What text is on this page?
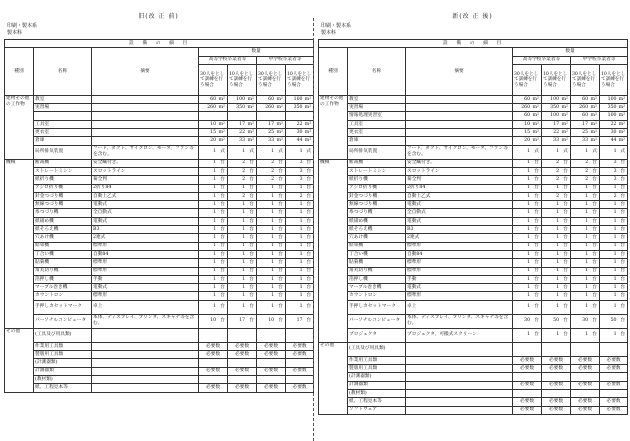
旧(改 正 前)
印刷・製本系
製本科
設　備　の　細　目						
種別	名称	摘要	数量			
			高等学校卒業者等		中学校卒業者等	
			30人をとして訓練を行う場合	10人をとして訓練を行う場合	30人をとして訓練を行う場合	10人をとして訓練を行う場合
建物その他の工作物	教室		60 m²	100 m²	60 m²	100 m²
	実習場		260 m²	350 m²	260 m²	350 m²

	工具室		10 m²	17 m²	17 m²	22 m²
	更衣室		15 m²	22 m²	25 m²	30 m²
	倉庫		20 m²	33 m²	33 m²	44 m²
	局所排気装置	フード、ダクト、サイクロン、モータ、ファン等を含む。	1 式	1 式	1 式	1 式
機械	断裁機	安全繊付き。	1 台	2 台	2 台	3 台
	ストレートミシン	スロットライン	1 台	2 台	2 台	3 台
	紙折り機	菊全判	1 台	2 台	2 台	3 台
	アジロ折り機	2折り84	1 台	1 台	1 台	1 台
	針金つづり機	自動上乙式	1 台	2 台	1 台	2 台
	無線つづり機	電動式	1 台	1 台	1 台	1 台
	糸つづり機	全自動式	1 台	1 台	1 台	1 台
	紙硝め機	電動式	1 台	1 台	1 台	1 台
	紙そろえ機	B3	1 台	1 台	1 台	1 台
	穴あけ機	2連式	1 台	1 台	1 台	1 台
	結束機	標準形	1 台	1 台	1 台	1 台
	丁合い機	自動84	1 台	1 台	1 台	1 台
	貼菊機	標準形	1 台	1 台	1 台	1 台
	角丸切り機	標準形	1 台	1 台	1 台	1 台
	箔押し機	手動	1 台	1 台	1 台	1 台
	マーブル巻き機	電動式	1 台	1 台	1 台	1 台
	カウントロン	標準形	1 台	1 台	1 台	1 台
	手押しカセットマーク	卓上	1 台	1 台	1 台	1 台
	パーソナルコンピュータ	本体、ディスプレイ、プリンタ、スキャナ等を含む。	10 台	17 台	10 台	17 台
その他	(工具及び用具類)					
	作業用工具類		必要数	必要数	必要数	必要数
	製版用工具類		必要数	必要数	必要数	必要数
	(計測器類)					
	計測器類		必要数	必要数	必要数	必要数
	(教材類)					
	紙、工程見本等		必要数	必要数	必要数	必要数
新(改 正 後)
印刷・製本系
製本科
設　備　の　細　目						
種別	名称	摘要	数量			
			高等学校卒業者等		中学校卒業者等	
			30人をとして訓練を行う場合	10人をとして訓練を行う場合	30人をとして訓練を行う場合	10人をとして訓練を行う場合
建物その他の工作物	教室		60 m²	100 m²	60 m²	100 m²
	実習場		260 m²	350 m²	260 m²	350 m²
	情報処理実習室		60 m²	100 m²	60 m²	100 m²
	工具室		10 m²	17 m²	17 m²	22 m²
	更衣室		15 m²	22 m²	25 m²	30 m²
	倉庫		20 m²	33 m²	33 m²	44 m²
	局所排気装置	フード、ダクト、サイクロン、モータ、ファン等を含む。	1 式	1 式	1 式	1 式
機械	断裁機	安全繊付き。	1 台	2 台	2 台	3 台
	ストレートミシン	スロットライン	1 台	2 台	2 台	3 台
	紙折り機	菊全判	1 台	2 台	2 台	3 台
	アジロ折り機	2折り84	1 台	1 台	1 台	1 台
	針金つづり機	自動上乙式	1 台	2 台	1 台	2 台
	無線つづり機	電動式	1 台	1 台	1 台	1 台
	糸つづり機	全自動式	1 台	1 台	1 台	1 台
	紙硝め機	電動式	1 台	1 台	1 台	1 台
	紙そろえ機	B3	1 台	1 台	1 台	1 台
	穴あけ機	2連式	1 台	1 台	1 台	1 台
	結束機	標準形	1 台	1 台	1 台	1 台
	丁合い機	自動84	1 台	1 台	1 台	1 台
	貼菊機	標準形	1 台	1 台	1 台	1 台
	角丸切り機	標準形	1 台	1 台	1 台	1 台
	箔押し機	手動	1 台	1 台	1 台	1 台
	マーブル巻き機	電動式	1 台	1 台	1 台	1 台
	カウントロン	標準形	1 台	1 台	1 台	1 台
	手押しカセットマーク	卓上	1 台	1 台	1 台	1 台
	パーソナルコンピュータ	本体、ディスプレイ、プリンタ、スキャナ等を含む。	30 台	50 台	30 台	50 台
	プロジェクタ	プロジェクタ、可搬式スクリーン	1 台	1 台	1 台	1 台
その他	(工具及び用具類)					
	作業用工具類		必要数	必要数	必要数	必要数
	製版用工具類		必要数	必要数	必要数	必要数
	(計測器類)					
	計測器類		必要数	必要数	必要数	必要数
	(教材類)					
	紙、工程見本等		必要数	必要数	必要数	必要数
	ソフトウェア		必要数	必要数	必要数	必要数
